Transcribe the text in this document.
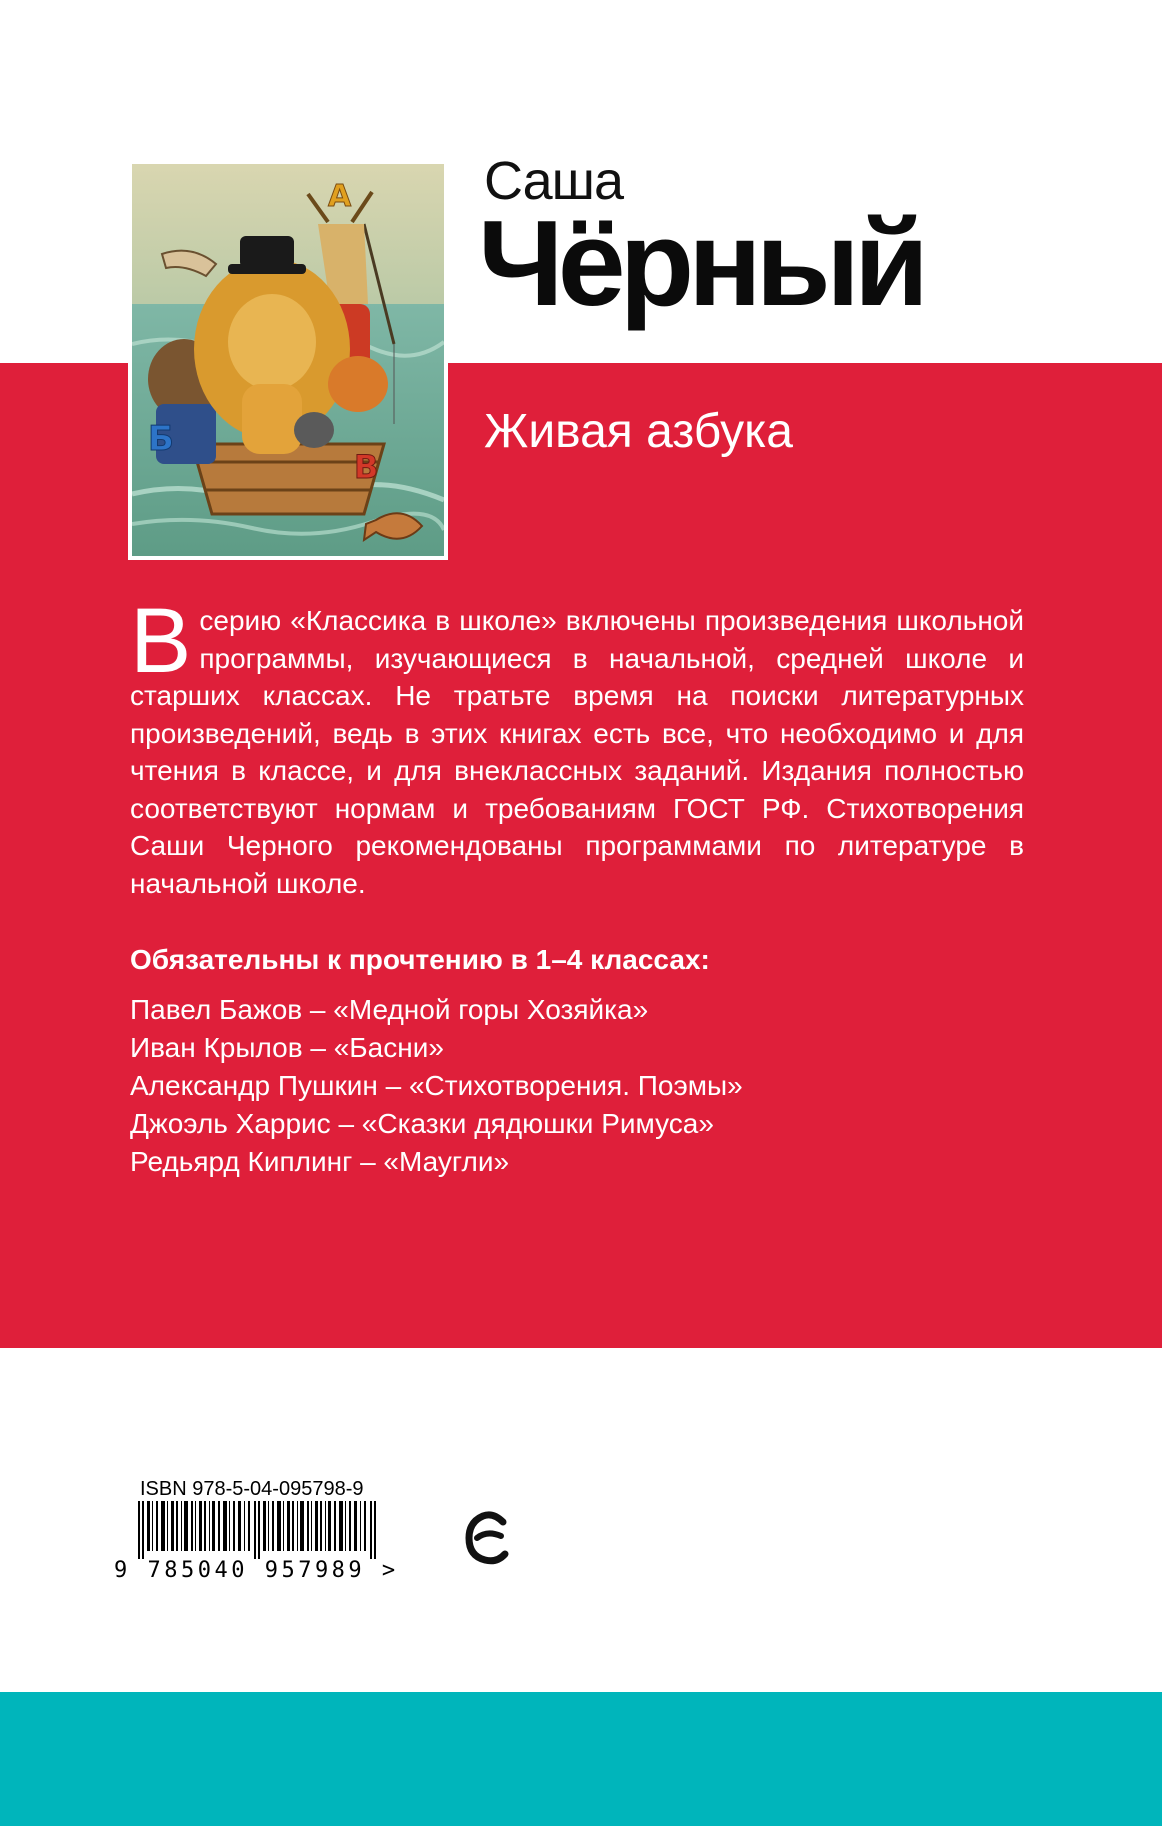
А
Б
В
Саша
Чёрный
Живая азбука

Всерию «Классика в школе» включены произведения школьной программы, изучающиеся в начальной, средней школе и старших классах. Не тратьте время на поиски литературных произведений, ведь в этих книгах есть все, что необходимо и для чтения в классе, и для внеклассных заданий. Издания полностью соответствуют нормам и требованиям ГОСТ РФ. Стихотворения Саши Черного рекомендованы программами по литературе в начальной школе.

Обязательны к прочтению в 1–4 классах:
Павел Бажов – «Медной горы Хозяйка»
Иван Крылов – «Басни»
Александр Пушкин – «Стихотворения. Поэмы»
Джоэль Харрис – «Сказки дядюшки Римуса»
Редьярд Киплинг – «Маугли»
ISBN 978-5-04-095798-9
9 785040 957989 >
